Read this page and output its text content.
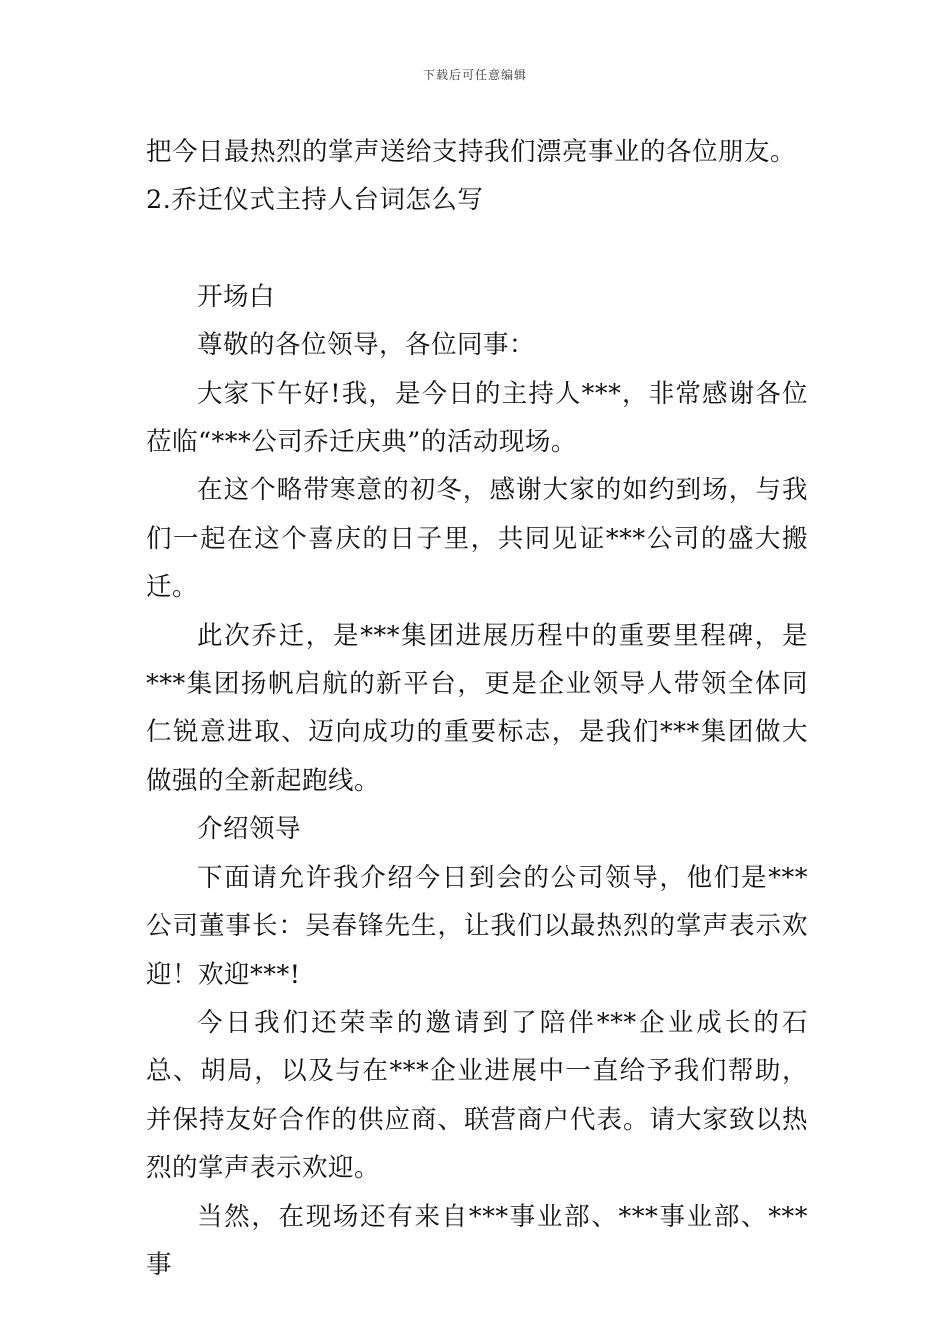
下载后可任意编辑

把今日最热烈的掌声送给支持我们漂亮事业的各位朋友。

2.乔迁仪式主持人台词怎么写

开场白

尊敬的各位领导，各位同事：

大家下午好!我，是今日的主持人***，非常感谢各位莅临“***公司乔迁庆典”的活动现场。

在这个略带寒意的初冬，感谢大家的如约到场，与我们一起在这个喜庆的日子里，共同见证***公司的盛大搬迁。

此次乔迁，是***集团进展历程中的重要里程碑，是***集团扬帆启航的新平台，更是企业领导人带领全体同仁锐意进取、迈向成功的重要标志，是我们***集团做大做强的全新起跑线。

介绍领导

下面请允许我介绍今日到会的公司领导，他们是***公司董事长：吴春锋先生，让我们以最热烈的掌声表示欢迎！欢迎***!

今日我们还荣幸的邀请到了陪伴***企业成长的石总、胡局，以及与在***企业进展中一直给予我们帮助，并保持友好合作的供应商、联营商户代表。请大家致以热烈的掌声表示欢迎。

当然，在现场还有来自***事业部、***事业部、***事
